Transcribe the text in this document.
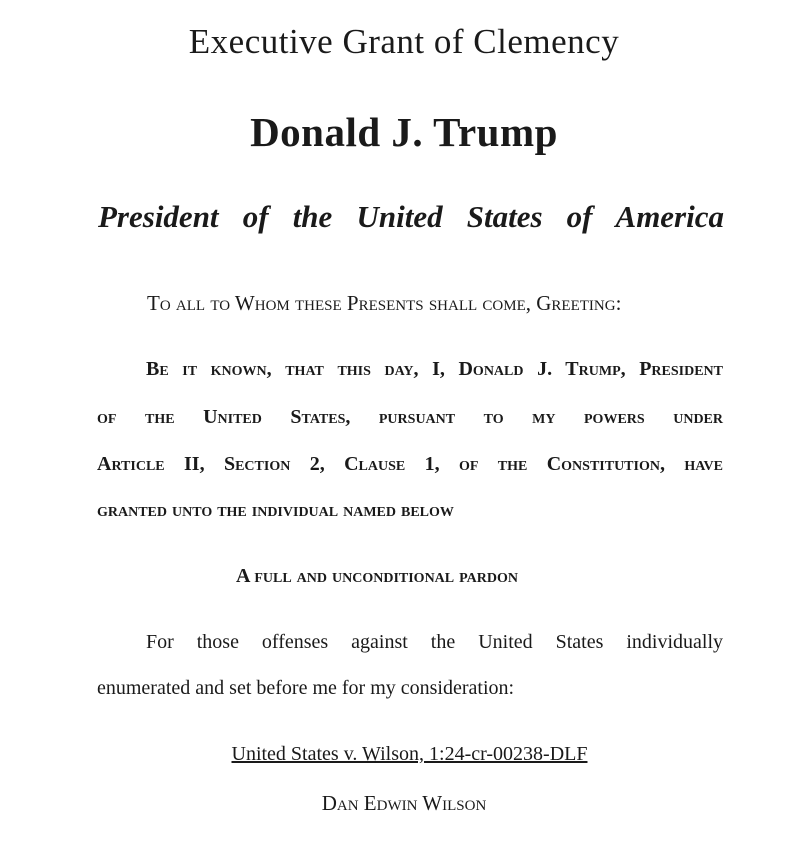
Executive Grant of Clemency
Donald J. Trump
President of the United States of America
To all to Whom these Presents shall come, Greeting:
Be it known, that this day, I, Donald J. Trump, President
of the United States, pursuant to my powers under
Article II, Section 2, Clause 1, of the Constitution, have
granted unto the individual named below
A full and unconditional pardon
For those offenses against the United States individually
enumerated and set before me for my consideration:
United States v. Wilson, 1:24-cr-00238-DLF
Dan Edwin Wilson
